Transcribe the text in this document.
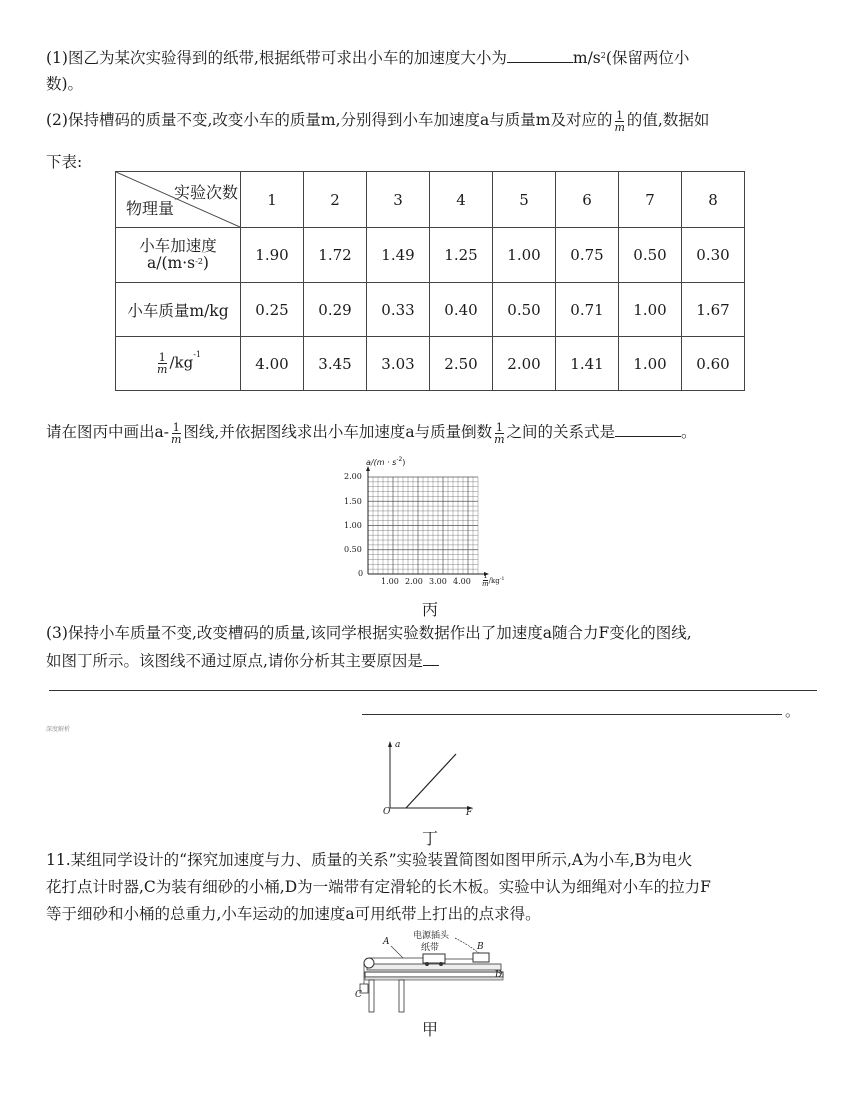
(1)图乙为某次实验得到的纸带,根据纸带可求出小车的加速度大小为	$m/s^2$(保留两位小
数)。
(2)保持槽码的质量不变,改变小车的质量m,分别得到小车加速度a与质量m及对应的 $\frac{1}{m}$ 的值,数据如
下表:
实验次数
物理量	1	2	3	4	5	6	7	8

小车加速度
$a/(m\cdot s^{-2})$	1.90	1.72	1.49	1.25	1.00	0.75	0.50	0.30
小车质量m/kg	0.25	0.29	0.33	0.40	0.50	0.71	1.00	1.67

$\frac{1}{m} /kg^{-1}$	4.00	3.45	3.03	2.50	2.00	1.41	1.00	0.60
请在图丙中画出$a- \frac{1}{m}$ 图线,并依据图线求出小车加速度a与质量倒数 $\frac{1}{m}$ 之间的关系式是	。
$a/(m \cdot s^{-2})$
2.00
1.50
1.00
0.50
0
1.00 2.00 3.00 4.00
1
m $/kg^{-1}$
丙
(3)保持小车质量不变,改变槽码的质量,该同学根据实验数据作出了加速度a随合力F变化的图线,
如图丁所示。该图线不通过原点,请你分析其主要原因是
深度解析
。
a
O	F
丁
11.某组同学设计的“探究加速度与力、质量的关系”实验装置简图如图甲所示,A为小车,B为电火
花打点计时器,C为装有细砂的小桶,D为一端带有定滑轮的长木板。实验中认为细绳对小车的拉力F
等于细砂和小桶的总重力,小车运动的加速度a可用纸带上打出的点求得。
电源插头
纸带
A	B
C
D
甲
